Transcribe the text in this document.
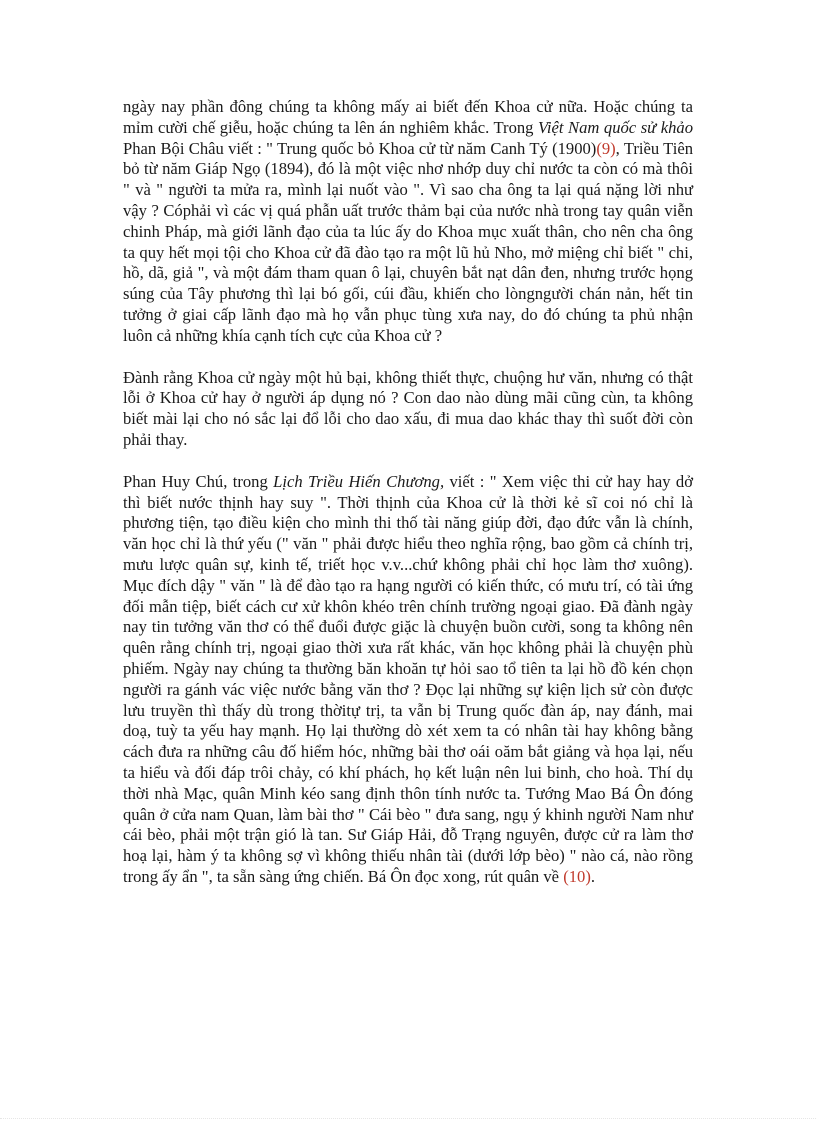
ngày nay phần đông chúng ta không mấy ai biết đến Khoa cử nữa. Hoặc chúng ta mỉm cười chế giễu, hoặc chúng ta lên án nghiêm khắc. Trong Việt Nam quốc sử khảo Phan Bội Châu viết : " Trung quốc bỏ Khoa cử từ năm Canh Tý (1900)(9), Triều Tiên bỏ từ năm Giáp Ngọ (1894), đó là một việc nhơ nhớp duy chỉ nước ta còn có mà thôi " và " người ta mửa ra, mình lại nuốt vào ". Vì sao cha ông ta lại quá nặng lời như vậy ? Cóphải vì các vị quá phẫn uất trước thảm bại của nước nhà trong tay quân viễn chinh Pháp, mà giới lãnh đạo của ta lúc ấy do Khoa mục xuất thân, cho nên cha ông ta quy hết mọi tội cho Khoa cử đã đào tạo ra một lũ hủ Nho, mở miệng chỉ biết " chi, hồ, dã, giả ", và một đám tham quan ô lại, chuyên bắt nạt dân đen, nhưng trước họng súng của Tây phương thì lại bó gối, cúi đầu, khiến cho lòngngười chán nản, hết tin tưởng ở giai cấp lãnh đạo mà họ vẫn phục tùng xưa nay, do đó chúng ta phủ nhận luôn cả những khía cạnh tích cực của Khoa cử ?

Đành rằng Khoa cử ngày một hủ bại, không thiết thực, chuộng hư văn, nhưng có thật lỗi ở Khoa cử hay ở người áp dụng nó ? Con dao nào dùng mãi cũng cùn, ta không biết mài lại cho nó sắc lại đổ lỗi cho dao xấu, đi mua dao khác thay thì suốt đời còn phải thay.

Phan Huy Chú, trong Lịch Triều Hiến Chương, viết : " Xem việc thi cử hay hay dở thì biết nước thịnh hay suy ". Thời thịnh của Khoa cử là thời kẻ sĩ coi nó chỉ là phương tiện, tạo điều kiện cho mình thi thố tài năng giúp đời, đạo đức vẫn là chính, văn học chỉ là thứ yếu (" văn " phải được hiểu theo nghĩa rộng, bao gồm cả chính trị, mưu lược quân sự, kinh tế, triết học v.v...chứ không phải chỉ học làm thơ xuông). Mục đích dậy " văn " là để đào tạo ra hạng người có kiến thức, có mưu trí, có tài ứng đối mẫn tiệp, biết cách cư xử khôn khéo trên chính trường ngoại giao. Đã đành ngày nay tin tưởng văn thơ có thể đuổi được giặc là chuyện buồn cười, song ta không nên quên rằng chính trị, ngoại giao thời xưa rất khác, văn học không phải là chuyện phù phiếm. Ngày nay chúng ta thường băn khoăn tự hỏi sao tổ tiên ta lại hồ đồ kén chọn người ra gánh vác việc nước bằng văn thơ ? Đọc lại những sự kiện lịch sử còn được lưu truyền thì thấy dù trong thờitự trị, ta vẫn bị Trung quốc đàn áp, nay đánh, mai doạ, tuỳ ta yếu hay mạnh. Họ lại thường dò xét xem ta có nhân tài hay không bằng cách đưa ra những câu đố hiểm hóc, những bài thơ oái oăm bắt giảng và họa lại, nếu ta hiểu và đối đáp trôi chảy, có khí phách, họ kết luận nên lui binh, cho hoà. Thí dụ thời nhà Mạc, quân Minh kéo sang định thôn tính nước ta. Tướng Mao Bá Ôn đóng quân ở cửa nam Quan, làm bài thơ " Cái bèo " đưa sang, ngụ ý khinh người Nam như cái bèo, phải một trận gió là tan. Sư Giáp Hải, đỗ Trạng nguyên, được cử ra làm thơ hoạ lại, hàm ý ta không sợ vì không thiếu nhân tài (dưới lớp bèo) " nào cá, nào rồng trong ấy ẩn ", ta sẵn sàng ứng chiến. Bá Ôn đọc xong, rút quân về (10).
